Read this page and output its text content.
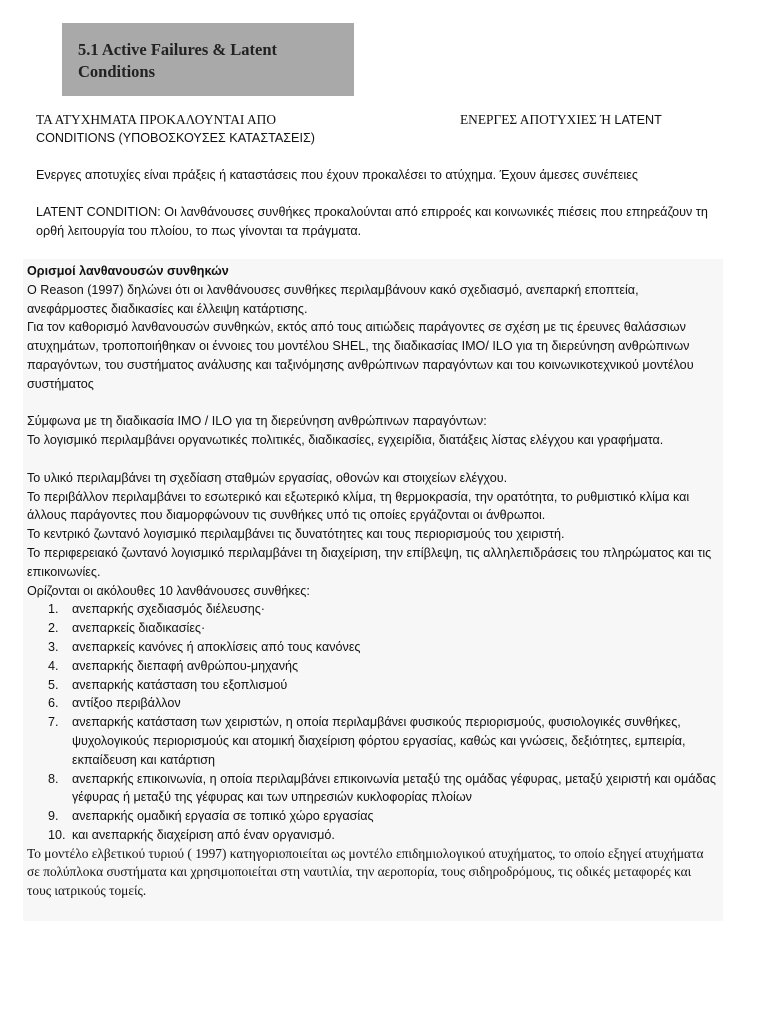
5.1 Active Failures & Latent Conditions

ΤΑ ΑΤΥΧΗΜΑΤΑ ΠΡΟΚΑΛΟΥΝΤΑΙ ΑΠΟ	ΕΝΕΡΓΕΣ ΑΠΟΤΥΧΙΕΣ Ή LATENT

CONDITIONS (ΥΠΟΒΟΣΚΟΥΣΕΣ ΚΑΤΑΣΤΑΣΕΙΣ)

Ενεργες αποτυχίες είναι πράξεις ή καταστάσεις που έχουν προκαλέσει το ατύχημα. Έχουν άμεσες συνέπειες

LATENT CONDITION: Οι λανθάνουσες συνθήκες προκαλούνται από επιρροές και κοινωνικές πιέσεις που επηρεάζουν τη ορθή λειτουργία του πλοίου, το πως γίνονται τα πράγματα.

Ορισμοί λανθανουσών συνθηκών

Ο Reason (1997) δηλώνει ότι οι λανθάνουσες συνθήκες περιλαμβάνουν κακό σχεδιασμό, ανεπαρκή εποπτεία, ανεφάρμοστες διαδικασίες και έλλειψη κατάρτισης.

Για τον καθορισμό λανθανουσών συνθηκών, εκτός από τους αιτιώδεις παράγοντες σε σχέση με τις έρευνες θαλάσσιων ατυχημάτων, τροποποιήθηκαν οι έννοιες του μοντέλου SHEL, της διαδικασίας IMO/ ILO για τη διερεύνηση ανθρώπινων παραγόντων, του συστήματος ανάλυσης και ταξινόμησης ανθρώπινων παραγόντων και του κοινωνικοτεχνικού μοντέλου συστήματος

Σύμφωνα με τη διαδικασία IMO / ILO για τη διερεύνηση ανθρώπινων παραγόντων:

Το λογισμικό περιλαμβάνει οργανωτικές πολιτικές, διαδικασίες, εγχειρίδια, διατάξεις λίστας ελέγχου και γραφήματα.

Το υλικό περιλαμβάνει τη σχεδίαση σταθμών εργασίας, οθονών και στοιχείων ελέγχου.

Το περιβάλλον περιλαμβάνει το εσωτερικό και εξωτερικό κλίμα, τη θερμοκρασία, την ορατότητα, το ρυθμιστικό κλίμα και άλλους παράγοντες που διαμορφώνουν τις συνθήκες υπό τις οποίες εργάζονται οι άνθρωποι.

Το κεντρικό ζωντανό λογισμικό περιλαμβάνει τις δυνατότητες και τους περιορισμούς του χειριστή.

Το περιφερειακό ζωντανό λογισμικό περιλαμβάνει τη διαχείριση, την επίβλεψη, τις αλληλεπιδράσεις του πληρώματος και τις επικοινωνίες.

Ορίζονται οι ακόλουθες 10 λανθάνουσες συνθήκες:

1.	ανεπαρκής σχεδιασμός διέλευσης·
2.	ανεπαρκείς διαδικασίες·
3.	ανεπαρκείς κανόνες ή αποκλίσεις από τους κανόνες
4.	ανεπαρκής διεπαφή ανθρώπου-μηχανής
5.	ανεπαρκής κατάσταση του εξοπλισμού
6.	αντίξοο περιβάλλον
7.	ανεπαρκής κατάσταση των χειριστών, η οποία περιλαμβάνει φυσικούς περιορισμούς, φυσιολογικές συνθήκες, ψυχολογικούς περιορισμούς και ατομική διαχείριση φόρτου εργασίας, καθώς και γνώσεις, δεξιότητες, εμπειρία, εκπαίδευση και κατάρτιση
8.	ανεπαρκής επικοινωνία, η οποία περιλαμβάνει επικοινωνία μεταξύ της ομάδας γέφυρας, μεταξύ χειριστή και ομάδας γέφυρας ή μεταξύ της γέφυρας και των υπηρεσιών κυκλοφορίας πλοίων
9.	ανεπαρκής ομαδική εργασία σε τοπικό χώρο εργασίας
10. και ανεπαρκής διαχείριση από έναν οργανισμό.

Το μοντέλο ελβετικού τυριού ( 1997) κατηγοριοποιείται ως μοντέλο επιδημιολογικού ατυχήματος, το οποίο εξηγεί ατυχήματα σε πολύπλοκα συστήματα και χρησιμοποιείται στη ναυτιλία, την αεροπορία, τους σιδηροδρόμους, τις οδικές μεταφορές και τους ιατρικούς τομείς.
